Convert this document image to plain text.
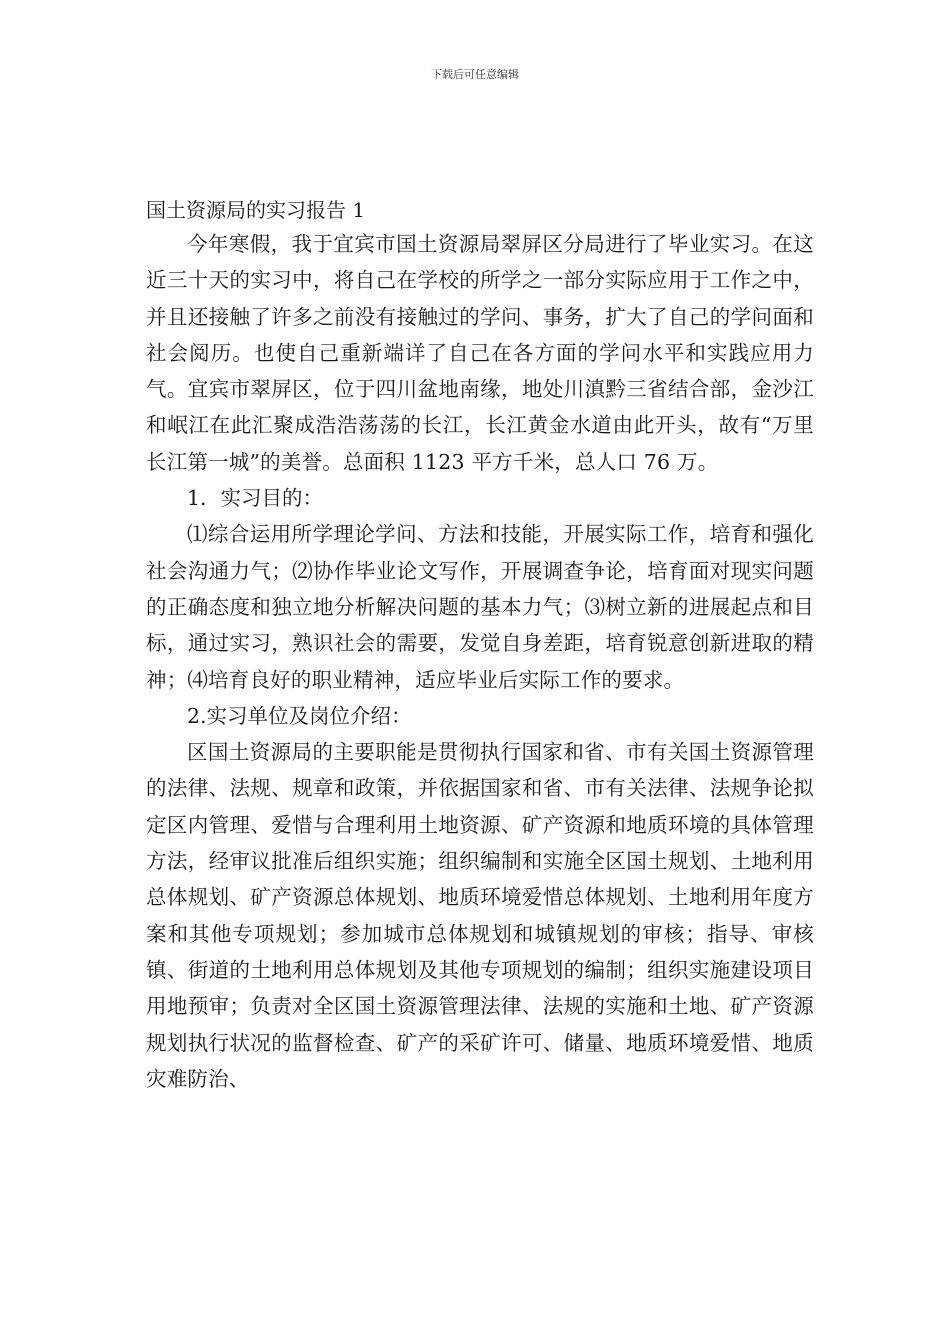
下载后可任意编辑

国土资源局的实习报告 1

今年寒假，我于宜宾市国土资源局翠屏区分局进行了毕业实习。在这近三十天的实习中，将自己在学校的所学之一部分实际应用于工作之中，并且还接触了许多之前没有接触过的学问、事务，扩大了自己的学问面和社会阅历。也使自己重新端详了自己在各方面的学问水平和实践应用力气。宜宾市翠屏区，位于四川盆地南缘，地处川滇黔三省结合部，金沙江和岷江在此汇聚成浩浩荡荡的长江，长江黄金水道由此开头，故有“万里长江第一城”的美誉。总面积 1123 平方千米，总人口 76 万。

1．实习目的：

⑴综合运用所学理论学问、方法和技能，开展实际工作，培育和强化社会沟通力气；⑵协作毕业论文写作，开展调查争论，培育面对现实问题的正确态度和独立地分析解决问题的基本力气；⑶树立新的进展起点和目标，通过实习，熟识社会的需要，发觉自身差距，培育锐意创新进取的精神；⑷培育良好的职业精神，适应毕业后实际工作的要求。

2.实习单位及岗位介绍：

区国土资源局的主要职能是贯彻执行国家和省、市有关国土资源管理的法律、法规、规章和政策，并依据国家和省、市有关法律、法规争论拟定区内管理、爱惜与合理利用土地资源、矿产资源和地质环境的具体管理方法，经审议批准后组织实施；组织编制和实施全区国土规划、土地利用总体规划、矿产资源总体规划、地质环境爱惜总体规划、土地利用年度方案和其他专项规划；参加城市总体规划和城镇规划的审核；指导、审核镇、街道的土地利用总体规划及其他专项规划的编制；组织实施建设项目用地预审；负责对全区国土资源管理法律、法规的实施和土地、矿产资源规划执行状况的监督检查、矿产的采矿许可、储量、地质环境爱惜、地质灾难防治、
